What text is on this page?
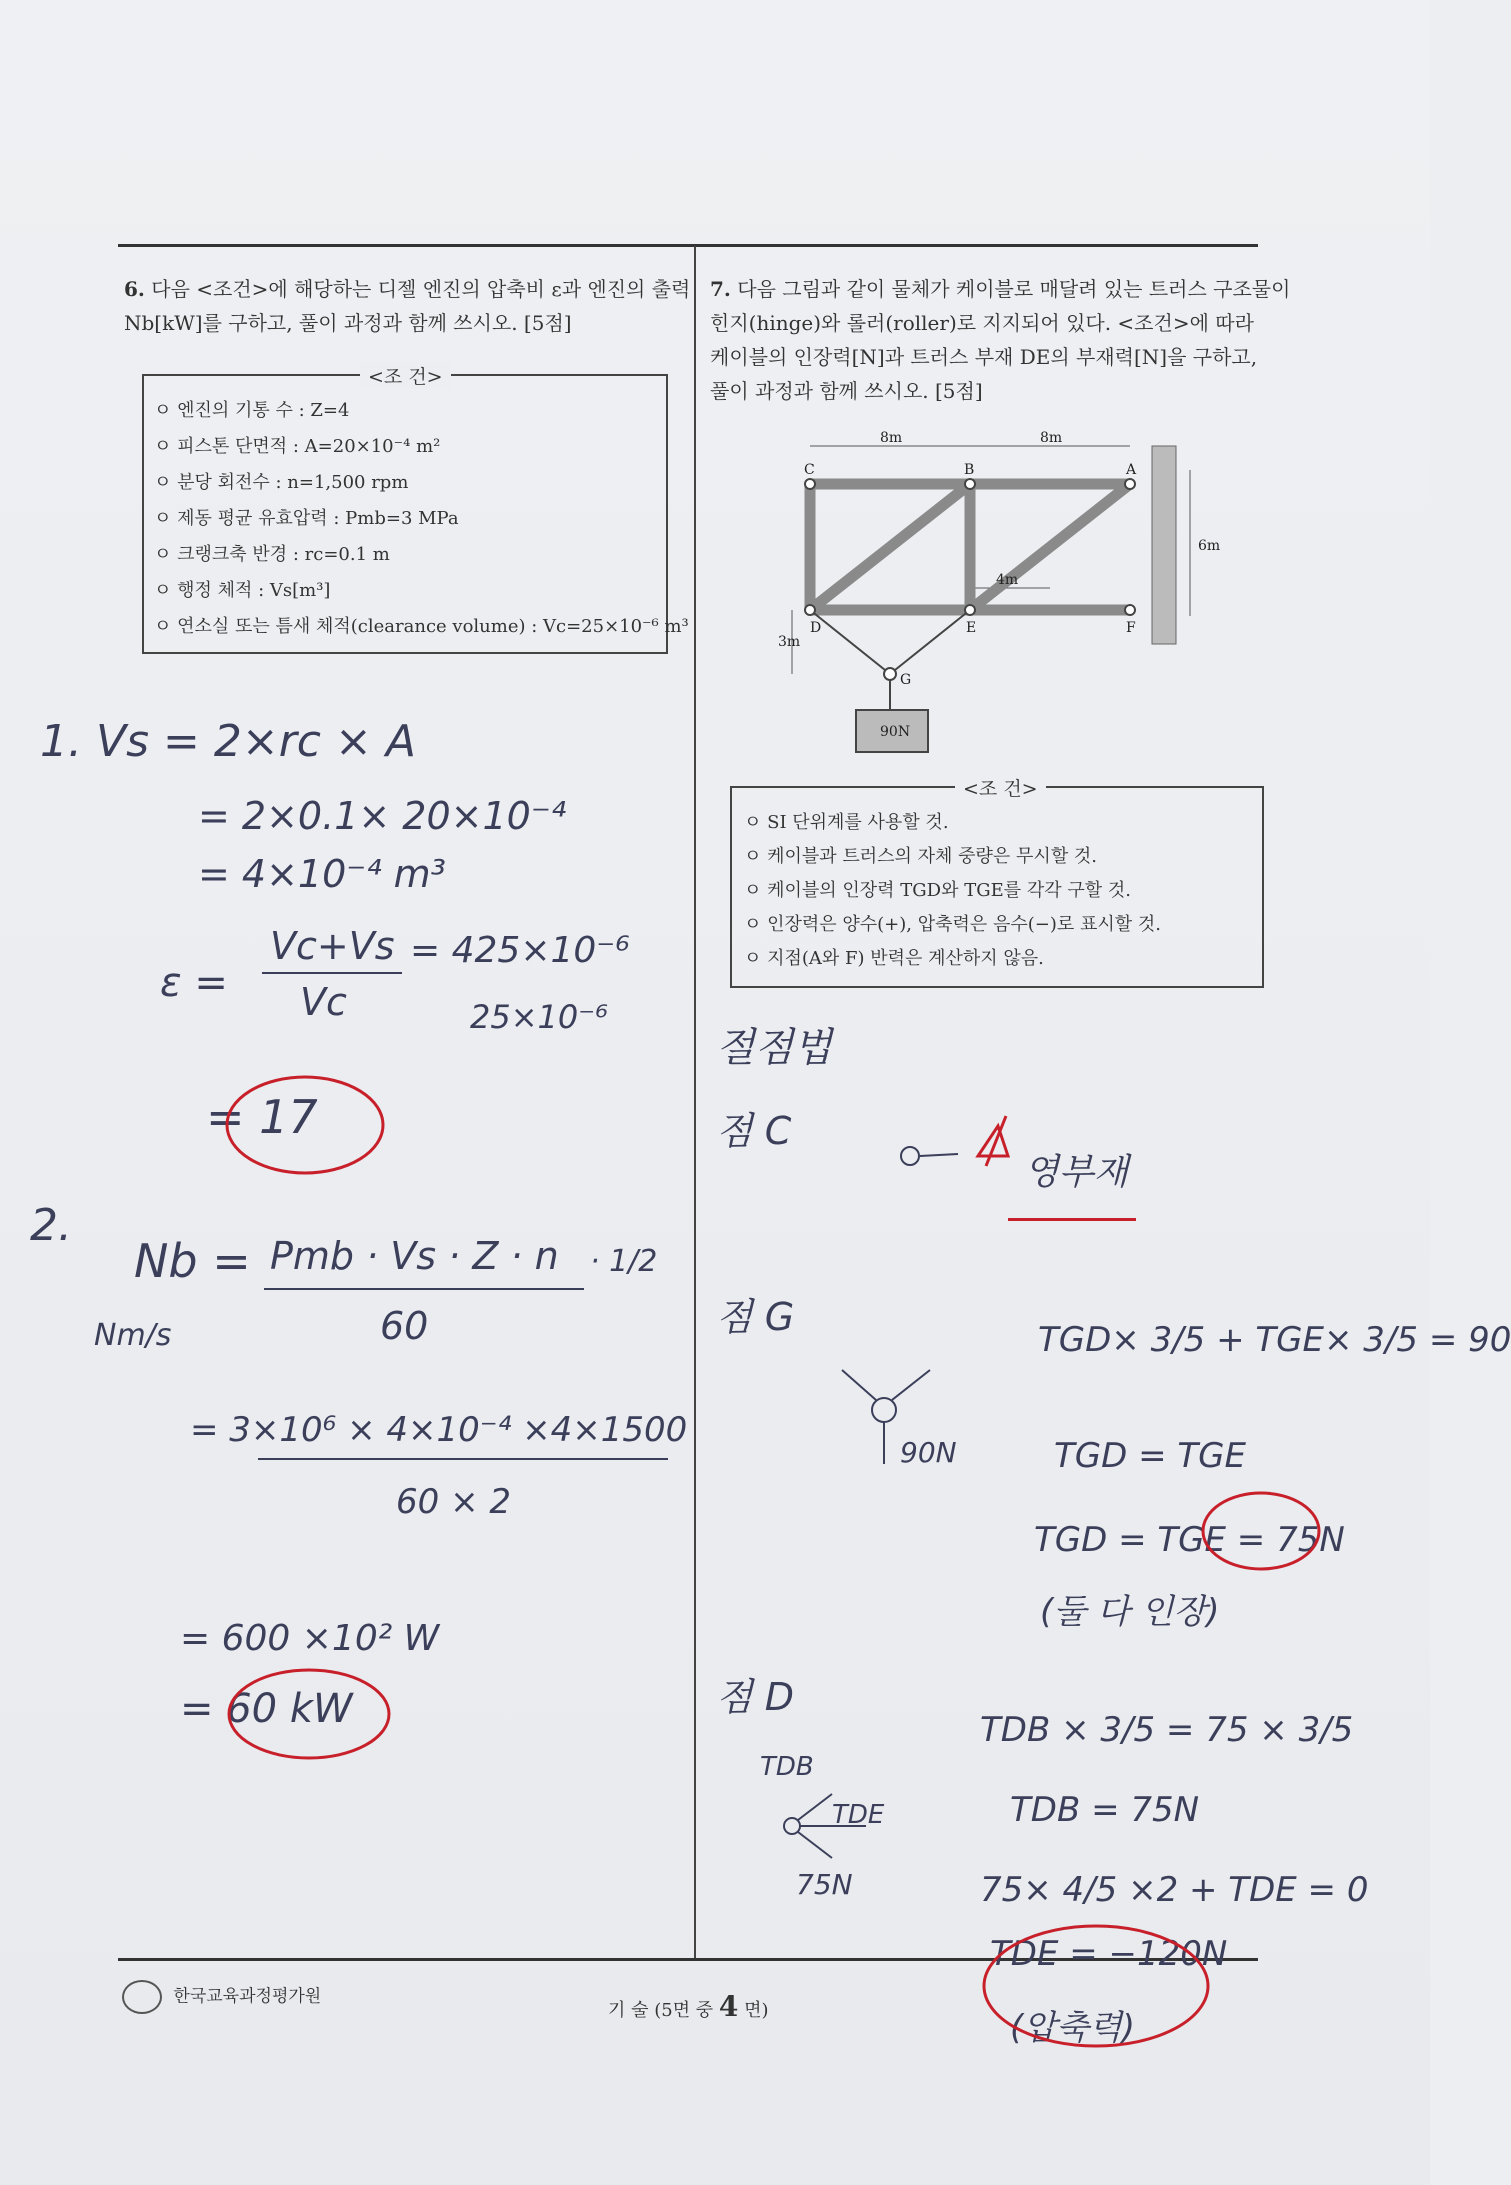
6. 다음 <조건>에 해당하는 디젤 엔진의 압축비 ε과 엔진의 출력
Nb[kW]를 구하고, 풀이 과정과 함께 쓰시오. [5점]
<조 건>
ㅇ 엔진의 기통 수 : Z=4
ㅇ 피스톤 단면적 : A=20×10⁻⁴ m²
ㅇ 분당 회전수 : n=1,500 rpm
ㅇ 제동 평균 유효압력 : Pmb=3 MPa
ㅇ 크랭크축 반경 : rc=0.1 m
ㅇ 행정 체적 : Vs[m³]
ㅇ 연소실 또는 틈새 체적(clearance volume) : Vc=25×10⁻⁶ m³
7. 다음 그림과 같이 물체가 케이블로 매달려 있는 트러스 구조물이
힌지(hinge)와 롤러(roller)로 지지되어 있다. <조건>에 따라
케이블의 인장력[N]과 트러스 부재 DE의 부재력[N]을 구하고,
풀이 과정과 함께 쓰시오. [5점]
90N
8m	8m
4m
6m
3m
C	B	A
D	E	F
G
<조 건>
ㅇ SI 단위계를 사용할 것.
ㅇ 케이블과 트러스의 자체 중량은 무시할 것.
ㅇ 케이블의 인장력 TGD와 TGE를 각각 구할 것.
ㅇ 인장력은 양수(+), 압축력은 음수(−)로 표시할 것.
ㅇ 지점(A와 F) 반력은 계산하지 않음.
1. Vs = 2×rc × A
= 2×0.1× 20×10⁻⁴
= 4×10⁻⁴ m³
ε =
Vc+Vs
Vc
= 425×10⁻⁶
25×10⁻⁶
= 17
2.
Nb = Pmb · Vs · Z · n
60
· 1/2
Nm/s
= 3×10⁶ × 4×10⁻⁴ ×4×1500
60 × 2
= 600 ×10² W
= 60 kW
절점법
점 C
영부재
점 G
90N
TGD× 3/5 + TGE× 3/5 = 90
TGD = TGE
TGD = TGE = 75N
(둘 다 인장)
점 D
TDB
TDE
75N
TDB × 3/5 = 75 × 3/5
TDB = 75N
75× 4/5 ×2 + TDE = 0
TDE = −120N
(압축력)
한국교육과정평가원
기 술 (5면 중 4 면)
